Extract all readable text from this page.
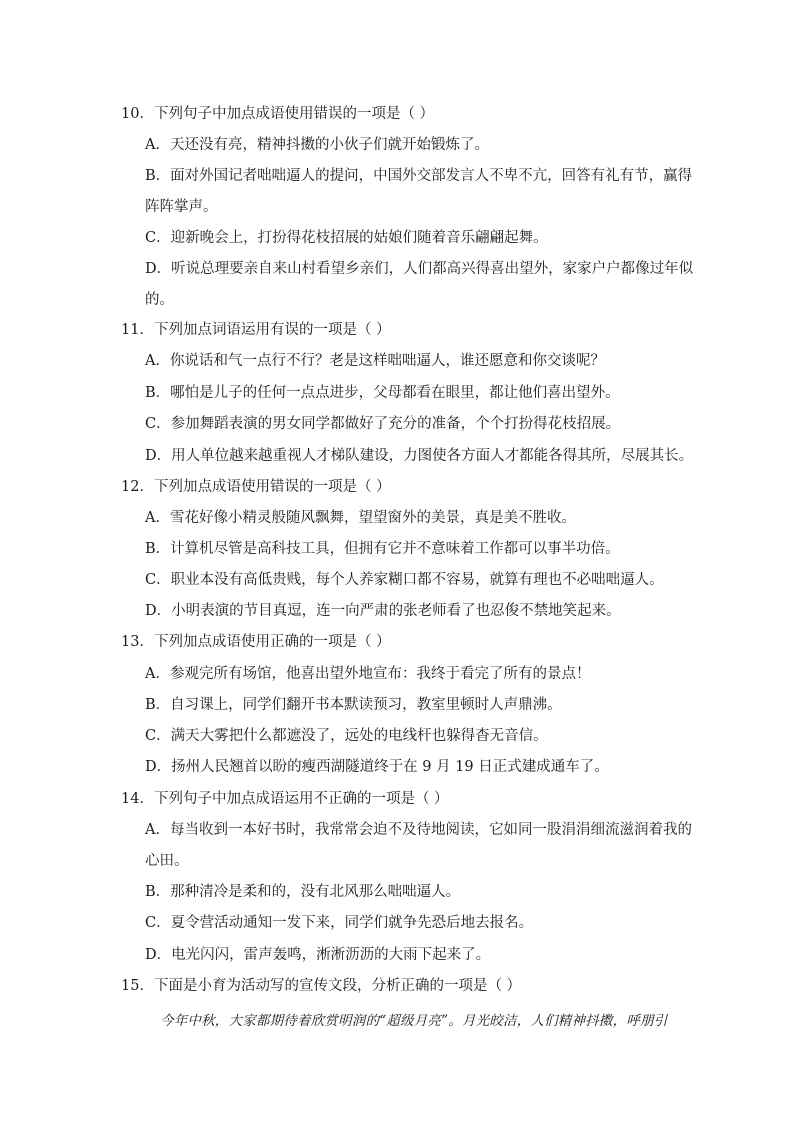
10．下列句子中加点成语使用错误的一项是（ ）
A．天还没有亮，精神抖擞的小伙子们就开始锻炼了。
B．面对外国记者咄咄逼人的提问，中国外交部发言人不卑不亢，回答有礼有节，赢得
阵阵掌声。
C．迎新晚会上，打扮得花枝招展的姑娘们随着音乐翩翩起舞。
D．听说总理要亲自来山村看望乡亲们，人们都高兴得喜出望外，家家户户都像过年似
的。
11．下列加点词语运用有误的一项是（ ）
A．你说话和气一点行不行？老是这样咄咄逼人，谁还愿意和你交谈呢？
B．哪怕是儿子的任何一点点进步，父母都看在眼里，都让他们喜出望外。
C．参加舞蹈表演的男女同学都做好了充分的准备，个个打扮得花枝招展。
D．用人单位越来越重视人才梯队建设，力图使各方面人才都能各得其所，尽展其长。
12．下列加点成语使用错误的一项是（ ）
A．雪花好像小精灵般随风飘舞，望望窗外的美景，真是美不胜收。
B．计算机尽管是高科技工具，但拥有它并不意味着工作都可以事半功倍。
C．职业本没有高低贵贱，每个人养家糊口都不容易，就算有理也不必咄咄逼人。
D．小明表演的节目真逗，连一向严肃的张老师看了也忍俊不禁地笑起来。
13．下列加点成语使用正确的一项是（ ）
A．参观完所有场馆，他喜出望外地宣布：我终于看完了所有的景点！
B．自习课上，同学们翻开书本默读预习，教室里顿时人声鼎沸。
C．满天大雾把什么都遮没了，远处的电线杆也躲得杳无音信。
D．扬州人民翘首以盼的瘦西湖隧道终于在 9 月 19 日正式建成通车了。
14．下列句子中加点成语运用不正确的一项是（ ）
A．每当收到一本好书时，我常常会迫不及待地阅读，它如同一股涓涓细流滋润着我的
心田。
B．那种清冷是柔和的，没有北风那么咄咄逼人。
C．夏令营活动通知一发下来，同学们就争先恐后地去报名。
D．电光闪闪，雷声轰鸣，淅淅沥沥的大雨下起来了。
15．下面是小育为活动写的宣传文段，分析正确的一项是（ ）
今年中秋，大家都期待着欣赏明润的“超级月亮”。月光皎洁，人们精神抖擞，呼朋引
